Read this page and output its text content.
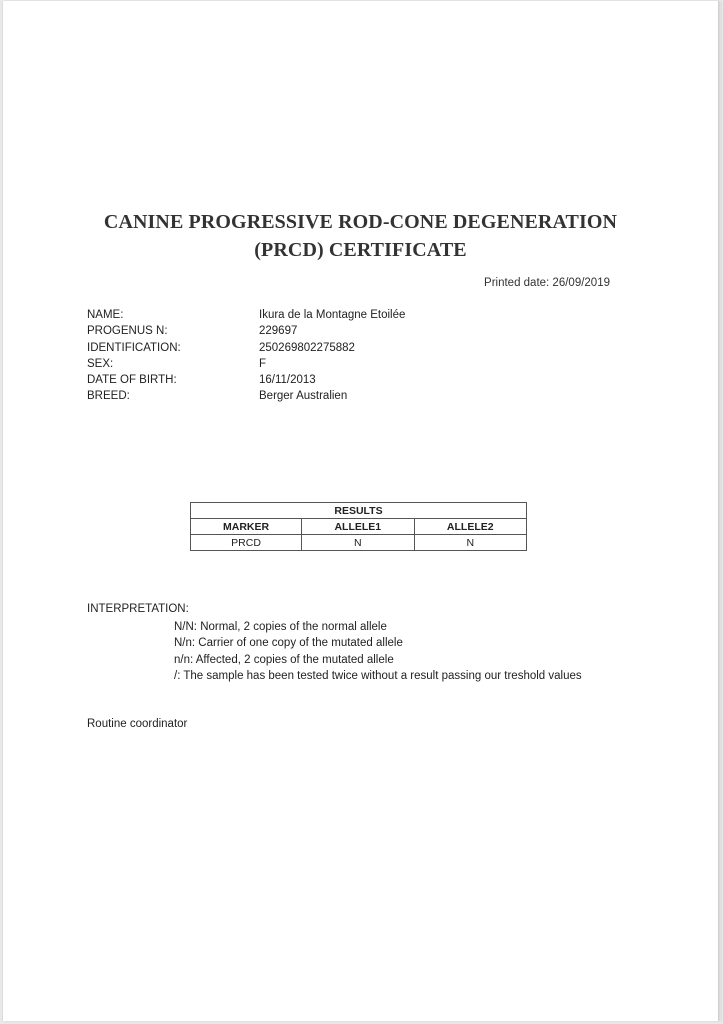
CANINE PROGRESSIVE ROD-CONE DEGENERATION
(PRCD) CERTIFICATE
Printed date: 26/09/2019
NAME:	Ikura de la Montagne Etoilée
PROGENUS N:	229697
IDENTIFICATION:	250269802275882
SEX:	F
DATE OF BIRTH:	16/11/2013
BREED:	Berger Australien
RESULTS		
MARKER	ALLELE1	ALLELE2
PRCD	N	N
INTERPRETATION:
N/N: Normal, 2 copies of the normal allele
N/n: Carrier of one copy of the mutated allele
n/n: Affected, 2 copies of the mutated allele
/: The sample has been tested twice without a result passing our treshold values
Routine coordinator
